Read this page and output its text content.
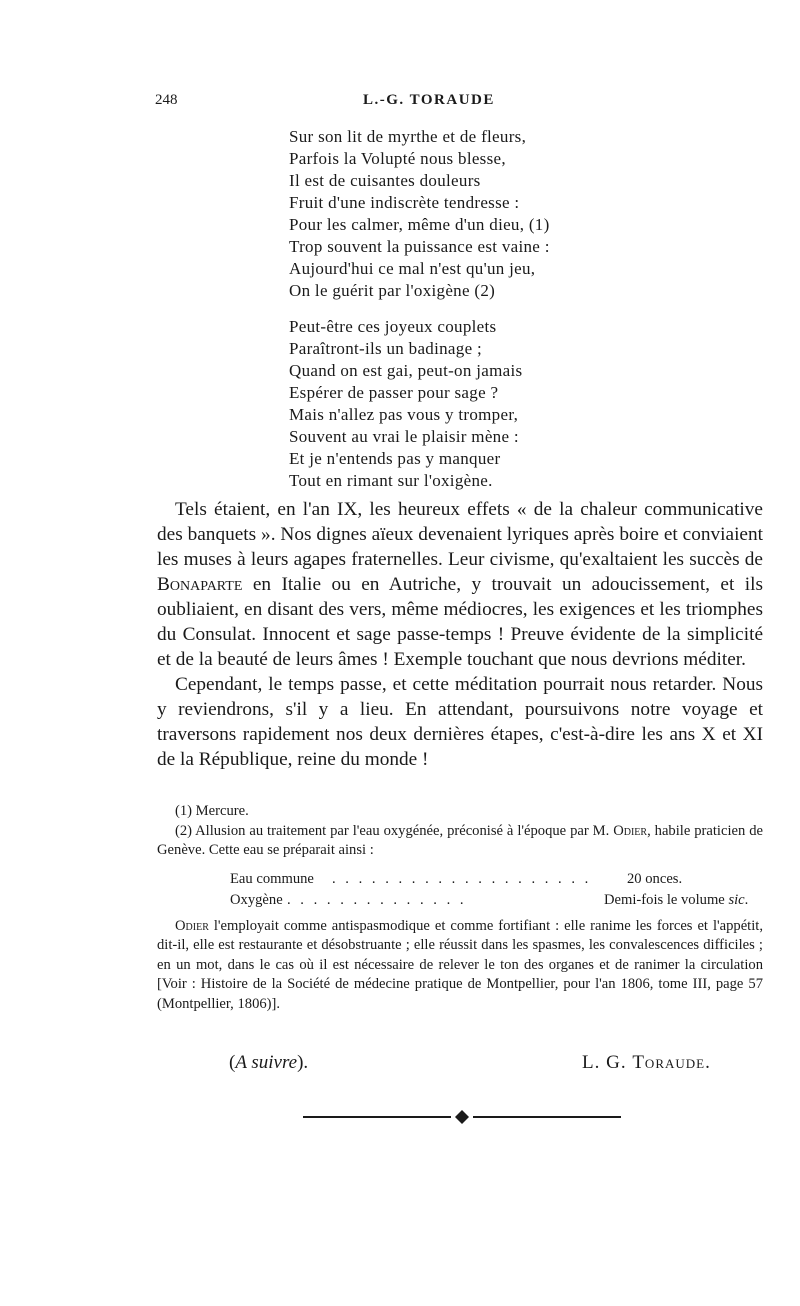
248	L.-G. TORAUDE
Sur son lit de myrthe et de fleurs,
Parfois la Volupté nous blesse,
Il est de cuisantes douleurs
Fruit d'une indiscrète tendresse :
Pour les calmer, même d'un dieu, (1)
Trop souvent la puissance est vaine :
Aujourd'hui ce mal n'est qu'un jeu,
On le guérit par l'oxigène (2)
Peut-être ces joyeux couplets
Paraîtront-ils un badinage ;
Quand on est gai, peut-on jamais
Espérer de passer pour sage ?
Mais n'allez pas vous y tromper,
Souvent au vrai le plaisir mène :
Et je n'entends pas y manquer
Tout en rimant sur l'oxigène.

Tels étaient, en l'an IX, les heureux effets « de la chaleur communicative des banquets ». Nos dignes aïeux devenaient lyriques après boire et conviaient les muses à leurs agapes fraternelles. Leur civisme, qu'exaltaient les succès de Bonaparte en Italie ou en Autriche, y trouvait un adoucissement, et ils oubliaient, en disant des vers, même médiocres, les exigences et les triomphes du Consulat. Innocent et sage passe-temps ! Preuve évidente de la simplicité et de la beauté de leurs âmes ! Exemple touchant que nous devrions méditer.

Cependant, le temps passe, et cette méditation pourrait nous retarder. Nous y reviendrons, s'il y a lieu. En attendant, poursuivons notre voyage et traversons rapidement nos deux dernières étapes, c'est-à-dire les ans X et XI de la République, reine du monde !

(1) Mercure.

(2) Allusion au traitement par l'eau oxygénée, préconisé à l'époque par M. Odier, habile praticien de Genève. Cette eau se préparait ainsi :

Eau commune . . . . . . . . . . . . . . . . . . . . 20 onces.
Oxygène . . . . . . . . . . . . . .	Demi-fois le volume sic.

Odier l'employait comme antispasmodique et comme fortifiant : elle ranime les forces et l'appétit, dit-il, elle est restaurante et désobstruante ; elle réussit dans les spasmes, les convalescences difficiles ; en un mot, dans le cas où il est nécessaire de relever le ton des organes et de ranimer la circulation [Voir : Histoire de la Société de médecine pratique de Montpellier, pour l'an 1806, tome III, page 57 (Montpellier, 1806)].

(A suivre).	L. G. Toraude.
